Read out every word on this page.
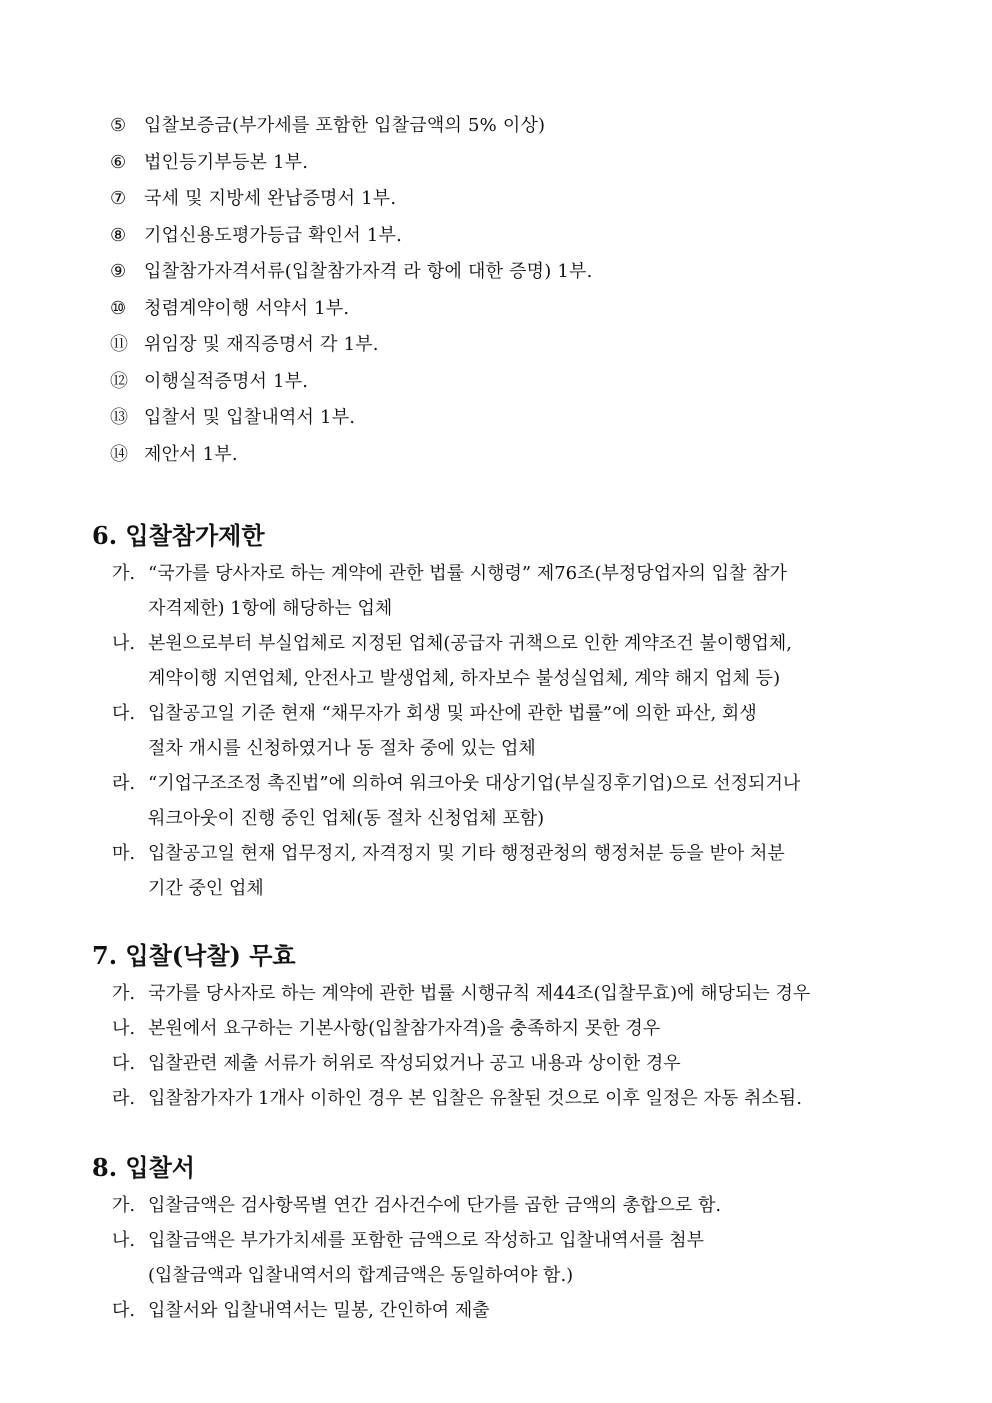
⑤ 입찰보증금(부가세를 포함한 입찰금액의 5% 이상)
⑥ 법인등기부등본 1부.
⑦ 국세 및 지방세 완납증명서 1부.
⑧ 기업신용도평가등급 확인서 1부.
⑨ 입찰참가자격서류(입찰참가자격 라 항에 대한 증명) 1부.
⑩ 청렴계약이행 서약서 1부.
⑪ 위임장 및 재직증명서 각 1부.
⑫ 이행실적증명서 1부.
⑬ 입찰서 및 입찰내역서 1부.
⑭ 제안서 1부.
6. 입찰참가제한
가. “국가를 당사자로 하는 계약에 관한 법률 시행령” 제76조(부정당업자의 입찰 참가
자격제한) 1항에 해당하는 업체
나. 본원으로부터 부실업체로 지정된 업체(공급자 귀책으로 인한 계약조건 불이행업체,
계약이행 지연업체, 안전사고 발생업체, 하자보수 불성실업체, 계약 해지 업체 등)
다. 입찰공고일 기준 현재 “채무자가 회생 및 파산에 관한 법률”에 의한 파산, 회생
절차 개시를 신청하였거나 동 절차 중에 있는 업체
라. “기업구조조정 촉진법”에 의하여 워크아웃 대상기업(부실징후기업)으로 선정되거나
워크아웃이 진행 중인 업체(동 절차 신청업체 포함)
마. 입찰공고일 현재 업무정지, 자격정지 및 기타 행정관청의 행정처분 등을 받아 처분
기간 중인 업체
7. 입찰(낙찰) 무효
가. 국가를 당사자로 하는 계약에 관한 법률 시행규칙 제44조(입찰무효)에 해당되는 경우
나. 본원에서 요구하는 기본사항(입찰참가자격)을 충족하지 못한 경우
다. 입찰관련 제출 서류가 허위로 작성되었거나 공고 내용과 상이한 경우
라. 입찰참가자가 1개사 이하인 경우 본 입찰은 유찰된 것으로 이후 일정은 자동 취소됨.
8. 입찰서
가. 입찰금액은 검사항목별 연간 검사건수에 단가를 곱한 금액의 총합으로 함.
나. 입찰금액은 부가가치세를 포함한 금액으로 작성하고 입찰내역서를 첨부
(입찰금액과 입찰내역서의 합계금액은 동일하여야 함.)
다. 입찰서와 입찰내역서는 밀봉, 간인하여 제출
